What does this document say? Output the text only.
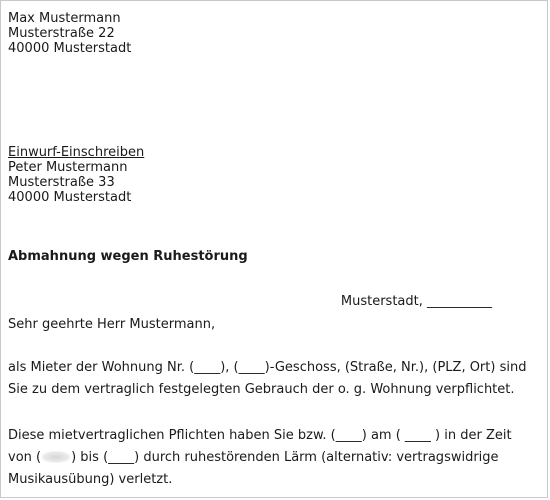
Max Mustermann
Musterstraße 22
40000 Musterstadt
Einwurf-Einschreiben
Peter Mustermann
Musterstraße 33
40000 Musterstadt
Abmahnung wegen Ruhestörung
Musterstadt, __________
Sehr geehrte Herr Mustermann,
als Mieter der Wohnung Nr. (____), (____)-Geschoss, (Straße, Nr.), (PLZ, Ort) sind
Sie zu dem vertraglich festgelegten Gebrauch der o. g. Wohnung verpflichtet.
Diese mietvertraglichen Pflichten haben Sie bzw. (____) am ( ____ ) in der Zeit
von ( ) bis (____) durch ruhestörenden Lärm (alternativ: vertragswidrige
Musikausübung) verletzt.
